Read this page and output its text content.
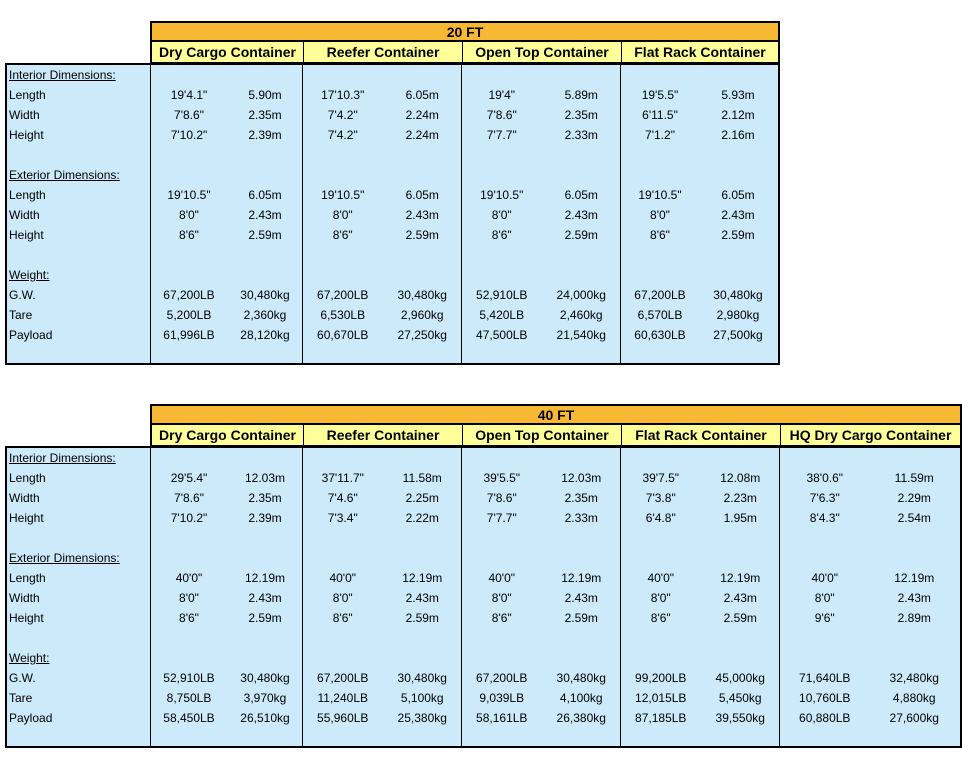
20 FT
Dry Cargo Container	Reefer Container	Open Top Container	Flat Rack Container
Interior Dimensions:
Length	19'4.1"	5.90m	17'10.3"	6.05m	19'4"	5.89m	19'5.5"	5.93m
Width	7'8.6"	2.35m	7'4.2"	2.24m	7'8.6"	2.35m	6'11.5"	2.12m
Height	7'10.2"	2.39m	7'4.2"	2.24m	7'7.7"	2.33m	7'1.2"	2.16m
Exterior Dimensions:
Length	19'10.5"	6.05m	19'10.5"	6.05m	19'10.5"	6.05m	19'10.5"	6.05m
Width	8'0"	2.43m	8'0"	2.43m	8'0"	2.43m	8'0"	2.43m
Height	8'6"	2.59m	8'6"	2.59m	8'6"	2.59m	8'6"	2.59m
Weight:
G.W.	67,200LB	30,480kg	67,200LB	30,480kg	52,910LB	24,000kg	67,200LB	30,480kg
Tare	5,200LB	2,360kg	6,530LB	2,960kg	5,420LB	2,460kg	6,570LB	2,980kg
Payload	61,996LB	28,120kg	60,670LB	27,250kg	47,500LB	21,540kg	60,630LB	27,500kg
40 FT
Dry Cargo Container	Reefer Container	Open Top Container	Flat Rack Container	HQ Dry Cargo Container
Interior Dimensions:
Length	29'5.4"	12.03m	37'11.7"	11.58m	39'5.5"	12.03m	39'7.5"	12.08m	38'0.6"	11.59m
Width	7'8.6"	2.35m	7'4.6"	2.25m	7'8.6"	2.35m	7'3.8"	2.23m	7'6.3"	2.29m
Height	7'10.2"	2.39m	7'3.4"	2.22m	7'7.7"	2.33m	6'4.8"	1.95m	8'4.3"	2.54m
Exterior Dimensions:
Length	40'0"	12.19m	40'0"	12.19m	40'0"	12.19m	40'0"	12.19m	40'0"	12.19m
Width	8'0"	2.43m	8'0"	2.43m	8'0"	2.43m	8'0"	2.43m	8'0"	2.43m
Height	8'6"	2.59m	8'6"	2.59m	8'6"	2.59m	8'6"	2.59m	9'6"	2.89m
Weight:
G.W.	52,910LB	30,480kg	67,200LB	30,480kg	67,200LB	30,480kg	99,200LB	45,000kg	71,640LB	32,480kg
Tare	8,750LB	3,970kg	11,240LB	5,100kg	9,039LB	4,100kg	12,015LB	5,450kg	10,760LB	4,880kg
Payload	58,450LB	26,510kg	55,960LB	25,380kg	58,161LB	26,380kg	87,185LB	39,550kg	60,880LB	27,600kg
